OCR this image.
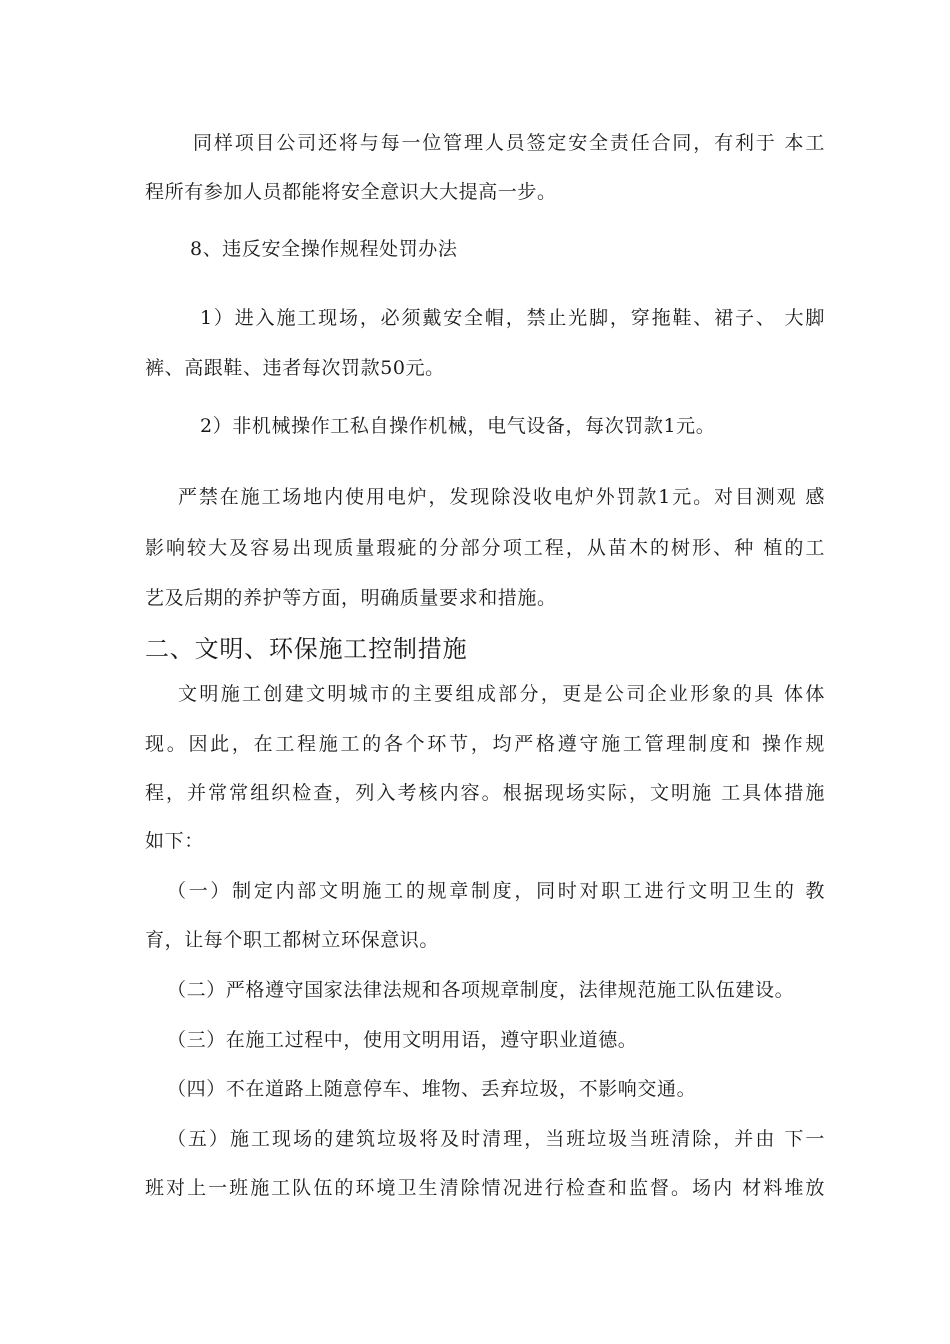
同样项目公司还将与每一位管理人员签定安全责任合同，有利于 本工
程所有参加人员都能将安全意识大大提高一步。
8、违反安全操作规程处罚办法
1）进入施工现场，必须戴安全帽，禁止光脚，穿拖鞋、裙子、 大脚
裤、高跟鞋、违者每次罚款50元。
2）非机械操作工私自操作机械，电气设备，每次罚款1元。
严禁在施工场地内使用电炉，发现除没收电炉外罚款1元。对目测观 感
影响较大及容易出现质量瑕疵的分部分项工程，从苗木的树形、种 植的工
艺及后期的养护等方面，明确质量要求和措施。
二、文明、环保施工控制措施
文明施工创建文明城市的主要组成部分，更是公司企业形象的具 体体
现。因此，在工程施工的各个环节，均严格遵守施工管理制度和 操作规
程，并常常组织检查，列入考核内容。根据现场实际，文明施 工具体措施
如下：
（一）制定内部文明施工的规章制度，同时对职工进行文明卫生的 教
育，让每个职工都树立环保意识。
（二）严格遵守国家法律法规和各项规章制度，法律规范施工队伍建设。
（三）在施工过程中，使用文明用语，遵守职业道德。
（四）不在道路上随意停车、堆物、丢弃垃圾，不影响交通。
（五）施工现场的建筑垃圾将及时清理，当班垃圾当班清除，并由 下一
班对上一班施工队伍的环境卫生清除情况进行检查和监督。场内 材料堆放
